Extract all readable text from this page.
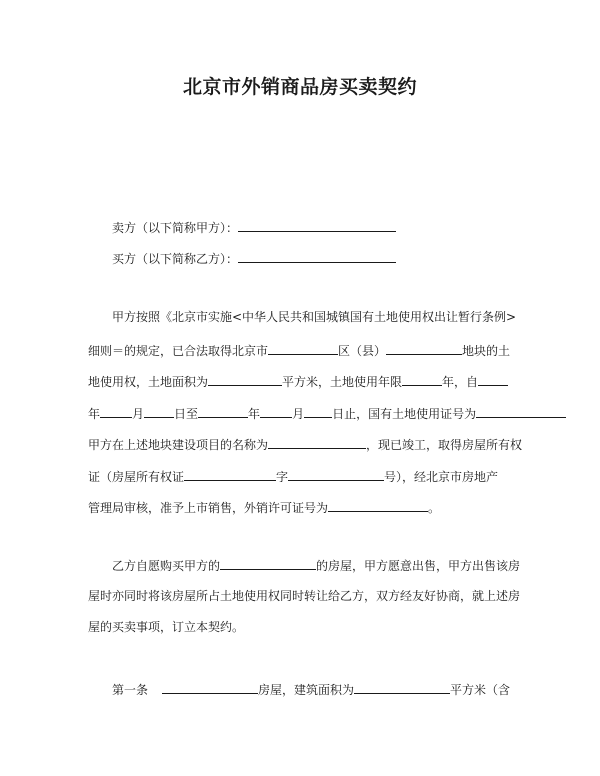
北京市外销商品房买卖契约
卖方（以下简称甲方）：
买方（以下简称乙方）：
甲方按照《北京市实施<中华人民共和国城镇国有土地使用权出让暂行条例>
细则＝的规定，已合法取得北京市	区（县）	地块的土
地使用权，土地面积为	平方米，土地使用年限	年，自
年	月	日至	年	月 日止，国有土地使用证号为
甲方在上述地块建设项目的名称为	，现已竣工，取得房屋所有权
证（房屋所有权证	字	号），经北京市房地产
管理局审核，准予上市销售，外销许可证号为	。
乙方自愿购买甲方的	的房屋，甲方愿意出售，甲方出售该房
屋时亦同时将该房屋所占土地使用权同时转让给乙方，双方经友好协商，就上述房
屋的买卖事项，订立本契约。
第一条	房屋，建筑面积为	平方米（含
